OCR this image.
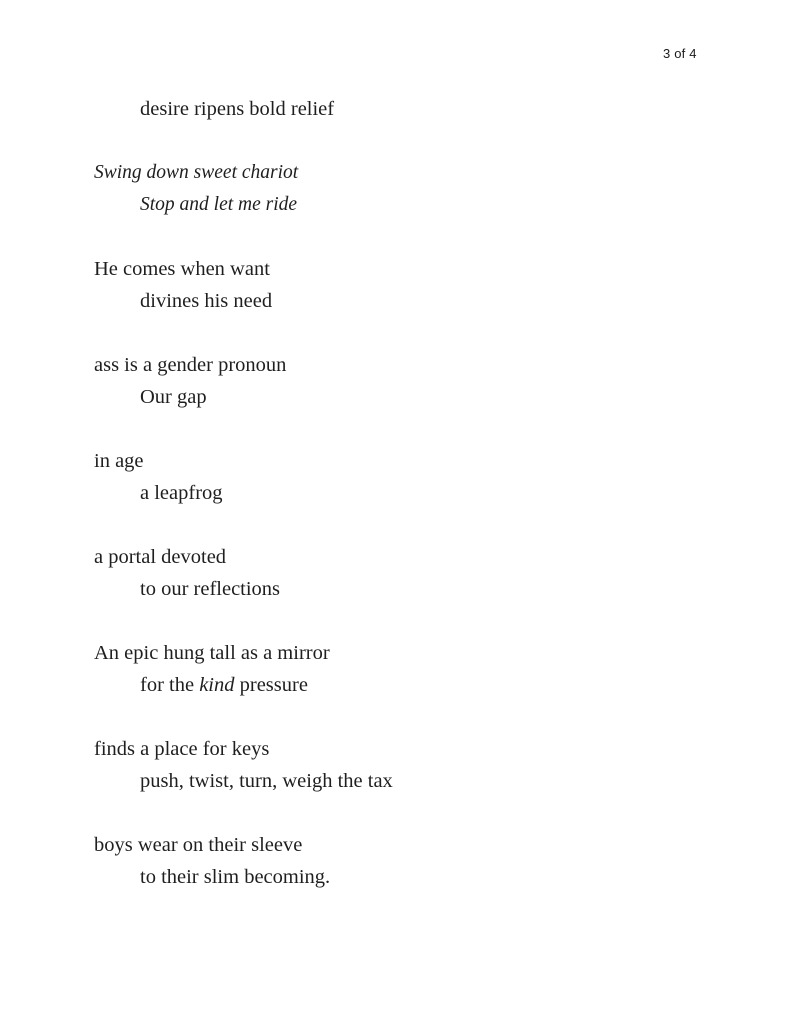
3 of 4
desire ripens bold relief
Swing down sweet chariot
Stop and let me ride
He comes when want
divines his need
ass is a gender pronoun
Our gap
in age
a leapfrog
a portal devoted
to our reflections
An epic hung tall as a mirror
for the kind pressure
finds a place for keys
push, twist, turn, weigh the tax
boys wear on their sleeve
to their slim becoming.
